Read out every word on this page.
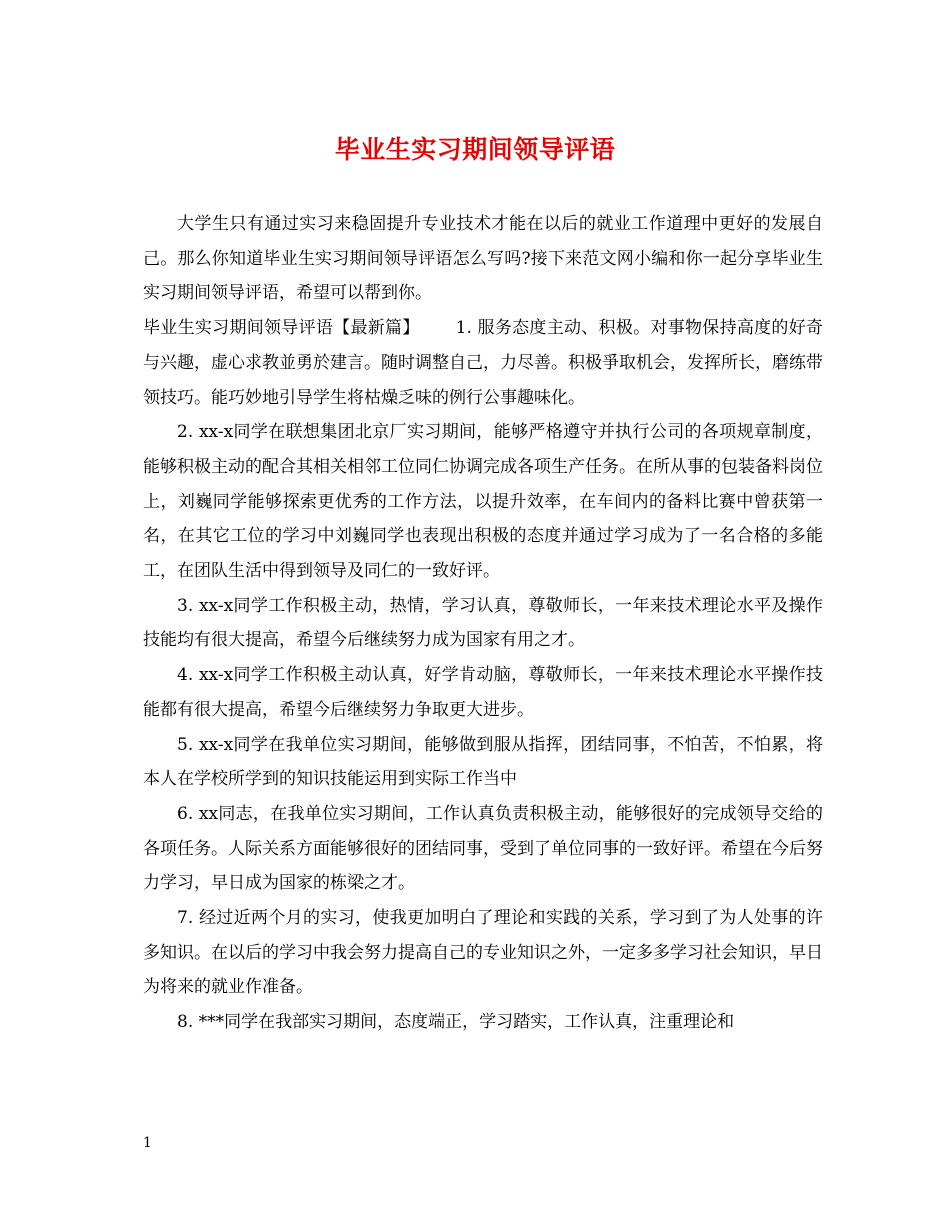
毕业生实习期间领导评语

大学生只有通过实习来稳固提升专业技术才能在以后的就业工作道理中更好的发展自己。那么你知道毕业生实习期间领导评语怎么写吗?接下来范文网小编和你一起分享毕业生实习期间领导评语，希望可以帮到你。

毕业生实习期间领导评语【最新篇】 1. 服务态度主动、积极。对事物保持高度的好奇与兴趣，虚心求教並勇於建言。随时调整自己，力尽善。积极爭取机会，发挥所长，磨练带领技巧。能巧妙地引导学生将枯燥乏味的例行公事趣味化。

2. xx-x同学在联想集团北京厂实习期间，能够严格遵守并执行公司的各项规章制度，能够积极主动的配合其相关相邻工位同仁协调完成各项生产任务。在所从事的包装备料岗位上，刘巍同学能够探索更优秀的工作方法，以提升效率，在车间内的备料比赛中曾获第一名，在其它工位的学习中刘巍同学也表现出积极的态度并通过学习成为了一名合格的多能工，在团队生活中得到领导及同仁的一致好评。

3. xx-x同学工作积极主动，热情，学习认真，尊敬师长，一年来技术理论水平及操作技能均有很大提高，希望今后继续努力成为国家有用之才。

4. xx-x同学工作积极主动认真，好学肯动脑，尊敬师长，一年来技术理论水平操作技能都有很大提高，希望今后继续努力争取更大进步。

5. xx-x同学在我单位实习期间，能够做到服从指挥，团结同事，不怕苦，不怕累，将本人在学校所学到的知识技能运用到实际工作当中

6. xx同志，在我单位实习期间，工作认真负责积极主动，能够很好的完成领导交给的各项任务。人际关系方面能够很好的团结同事，受到了单位同事的一致好评。希望在今后努力学习，早日成为国家的栋梁之才。

7. 经过近两个月的实习，使我更加明白了理论和实践的关系，学习到了为人处事的许多知识。在以后的学习中我会努力提高自己的专业知识之外，一定多多学习社会知识，早日为将来的就业作准备。

8. ***同学在我部实习期间，态度端正，学习踏实，工作认真，注重理论和

1
